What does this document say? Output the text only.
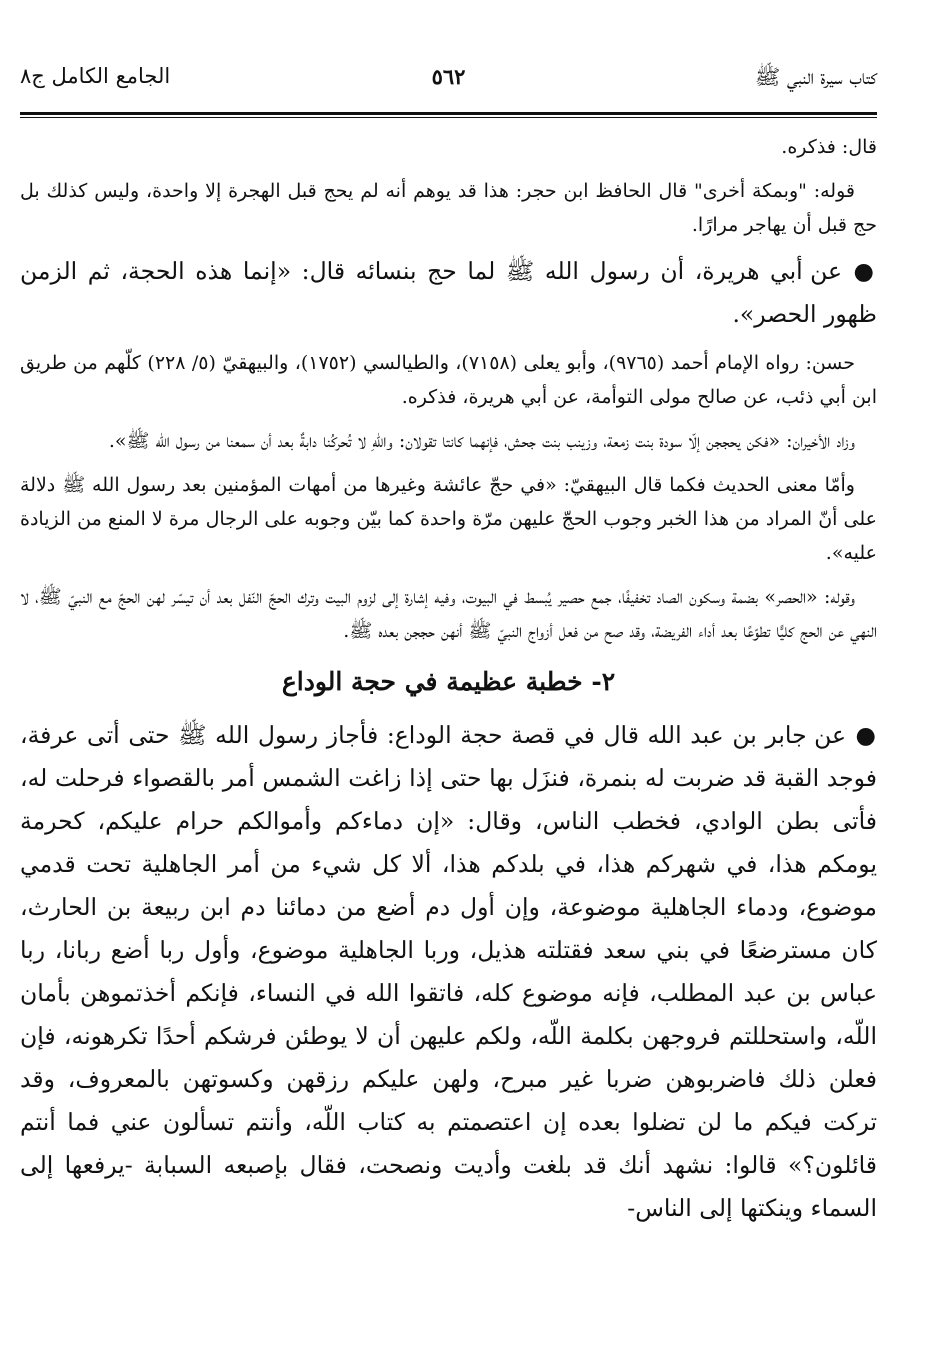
كتاب سيرة النبي ﷺ
٥٦٢
الجامع الكامل ج٨

قال: فذكره.

قوله: "وبمكة أخرى" قال الحافظ ابن حجر: هذا قد يوهم أنه لم يحج قبل الهجرة إلا واحدة، وليس كذلك بل حج قبل أن يهاجر مرارًا.

● عن أبي هريرة، أن رسول الله ﷺ لما حج بنسائه قال: «إنما هذه الحجة، ثم الزمن ظهور الحصر».

حسن: رواه الإمام أحمد (٩٧٦٥)، وأبو يعلى (٧١٥٨)، والطيالسي (١٧٥٢)، والبيهقيّ (٥/ ٢٢٨) كلّهم من طريق ابن أبي ذئب، عن صالح مولى التوأمة، عن أبي هريرة، فذكره.

وزاد الأخيران: «فكن يحججن إلّا سودة بنت زمعة، وزينب بنت جحش، فإنهما كانتا تقولان: واللّهِ لا تُحركُنا دابةٌ بعد أن سمعنا من رسول اللّه ﷺ».

وأمّا معنى الحديث فكما قال البيهقيّ: «في حجّ عائشة وغيرها من أمهات المؤمنين بعد رسول الله ﷺ دلالة على أنّ المراد من هذا الخبر وجوب الحجّ عليهن مرّة واحدة كما بيّن وجوبه على الرجال مرة لا المنع من الزيادة عليه».

وقوله: «الحصر» بضمة وسكون الصاد تخفيفًا، جمع حصير يُبسط في البيوت، وفيه إشارة إلى لزوم البيت وترك الحجّ النّفل بعد أن تيسّر لهن الحجّ مع النبيّ ﷺ، لا النهي عن الحج كليًّا تطوّعًا بعد أداء الفريضة، وقد صح من فعل أزواج النبيّ ﷺ أنهن حججن بعده ﷺ.

٢- خطبة عظيمة في حجة الوداع

● عن جابر بن عبد الله قال في قصة حجة الوداع: فأجاز رسول الله ﷺ حتى أتى عرفة، فوجد القبة قد ضربت له بنمرة، فنزَل بها حتى إذا زاغت الشمس أمر بالقصواء فرحلت له، فأتى بطن الوادي، فخطب الناس، وقال: «إن دماءكم وأموالكم حرام عليكم، كحرمة يومكم هذا، في شهركم هذا، في بلدكم هذا، ألا كل شيء من أمر الجاهلية تحت قدمي موضوع، ودماء الجاهلية موضوعة، وإن أول دم أضع من دمائنا دم ابن ربيعة بن الحارث، كان مسترضعًا في بني سعد فقتلته هذيل، وربا الجاهلية موضوع، وأول ربا أضع ربانا، ربا عباس بن عبد المطلب، فإنه موضوع كله، فاتقوا الله في النساء، فإنكم أخذتموهن بأمان اللّه، واستحللتم فروجهن بكلمة اللّه، ولكم عليهن أن لا يوطئن فرشكم أحدًا تكرهونه، فإن فعلن ذلك فاضربوهن ضربا غير مبرح، ولهن عليكم رزقهن وكسوتهن بالمعروف، وقد تركت فيكم ما لن تضلوا بعده إن اعتصمتم به كتاب اللّه، وأنتم تسألون عني فما أنتم قائلون؟» قالوا: نشهد أنك قد بلغت وأديت ونصحت، فقال بإصبعه السبابة -يرفعها إلى السماء وينكتها إلى الناس-
